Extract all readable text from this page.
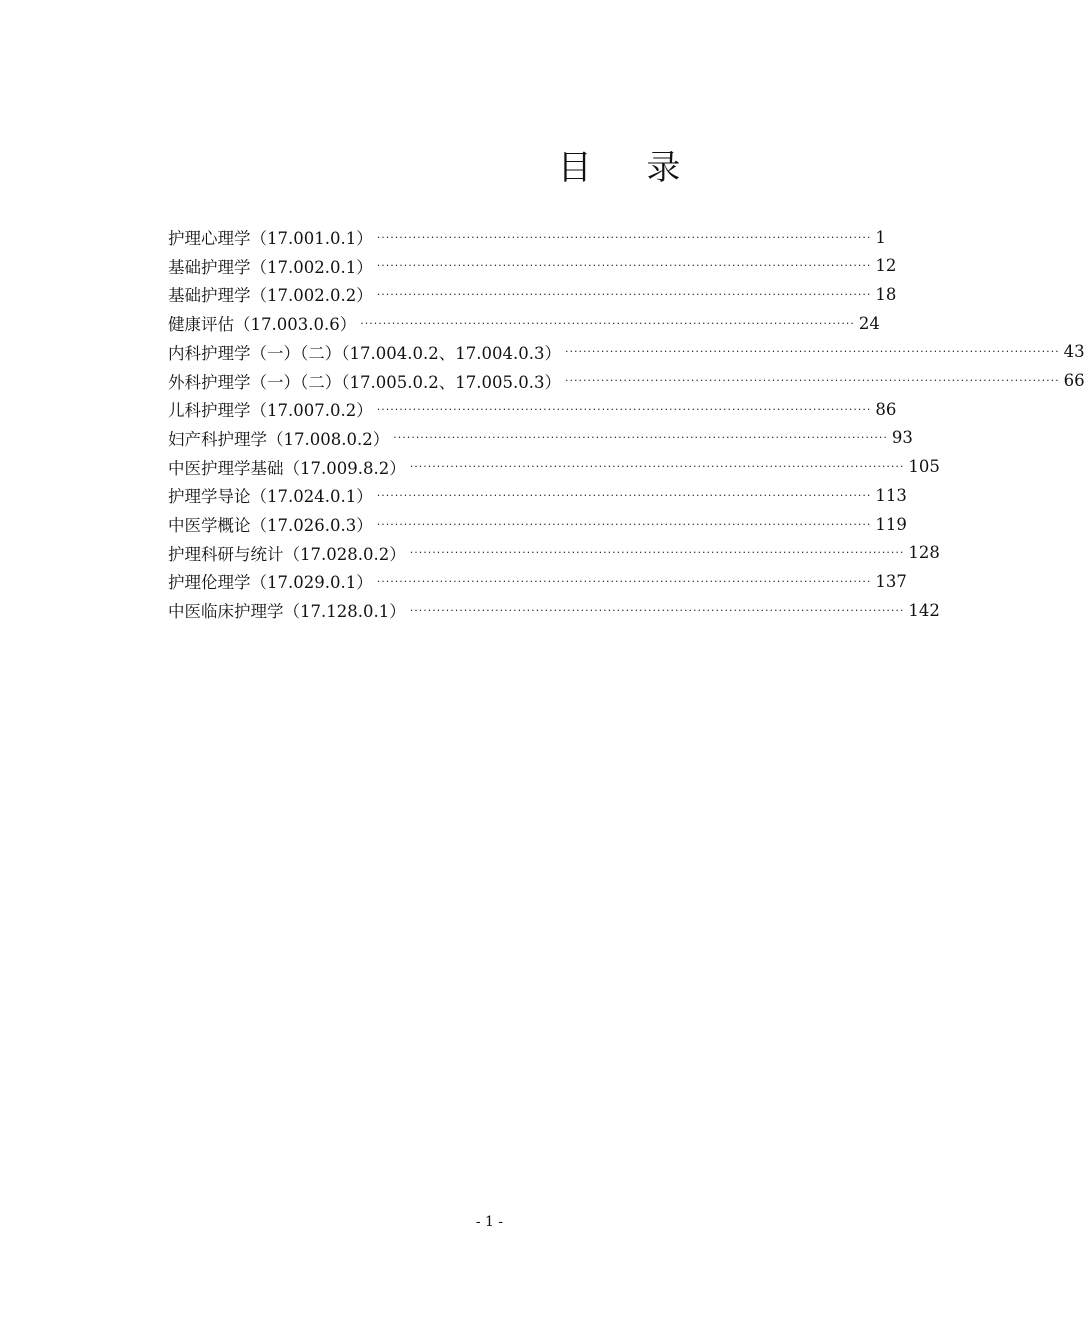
目 录
护理心理学（17.001.0.1） ·············································································································· 1
基础护理学（17.002.0.1） ·············································································································· 12
基础护理学（17.002.0.2） ·············································································································· 18
健康评估（17.003.0.6） ·············································································································· 24
内科护理学（一）（二）（17.004.0.2、17.004.0.3） ·············································································································· 43
外科护理学（一）（二）（17.005.0.2、17.005.0.3） ·············································································································· 66
儿科护理学（17.007.0.2） ·············································································································· 86
妇产科护理学（17.008.0.2） ·············································································································· 93
中医护理学基础（17.009.8.2） ·············································································································· 105
护理学导论（17.024.0.1） ·············································································································· 113
中医学概论（17.026.0.3） ·············································································································· 119
护理科研与统计（17.028.0.2） ·············································································································· 128
护理伦理学（17.029.0.1） ·············································································································· 137
中医临床护理学（17.128.0.1） ·············································································································· 142
- 1 -
